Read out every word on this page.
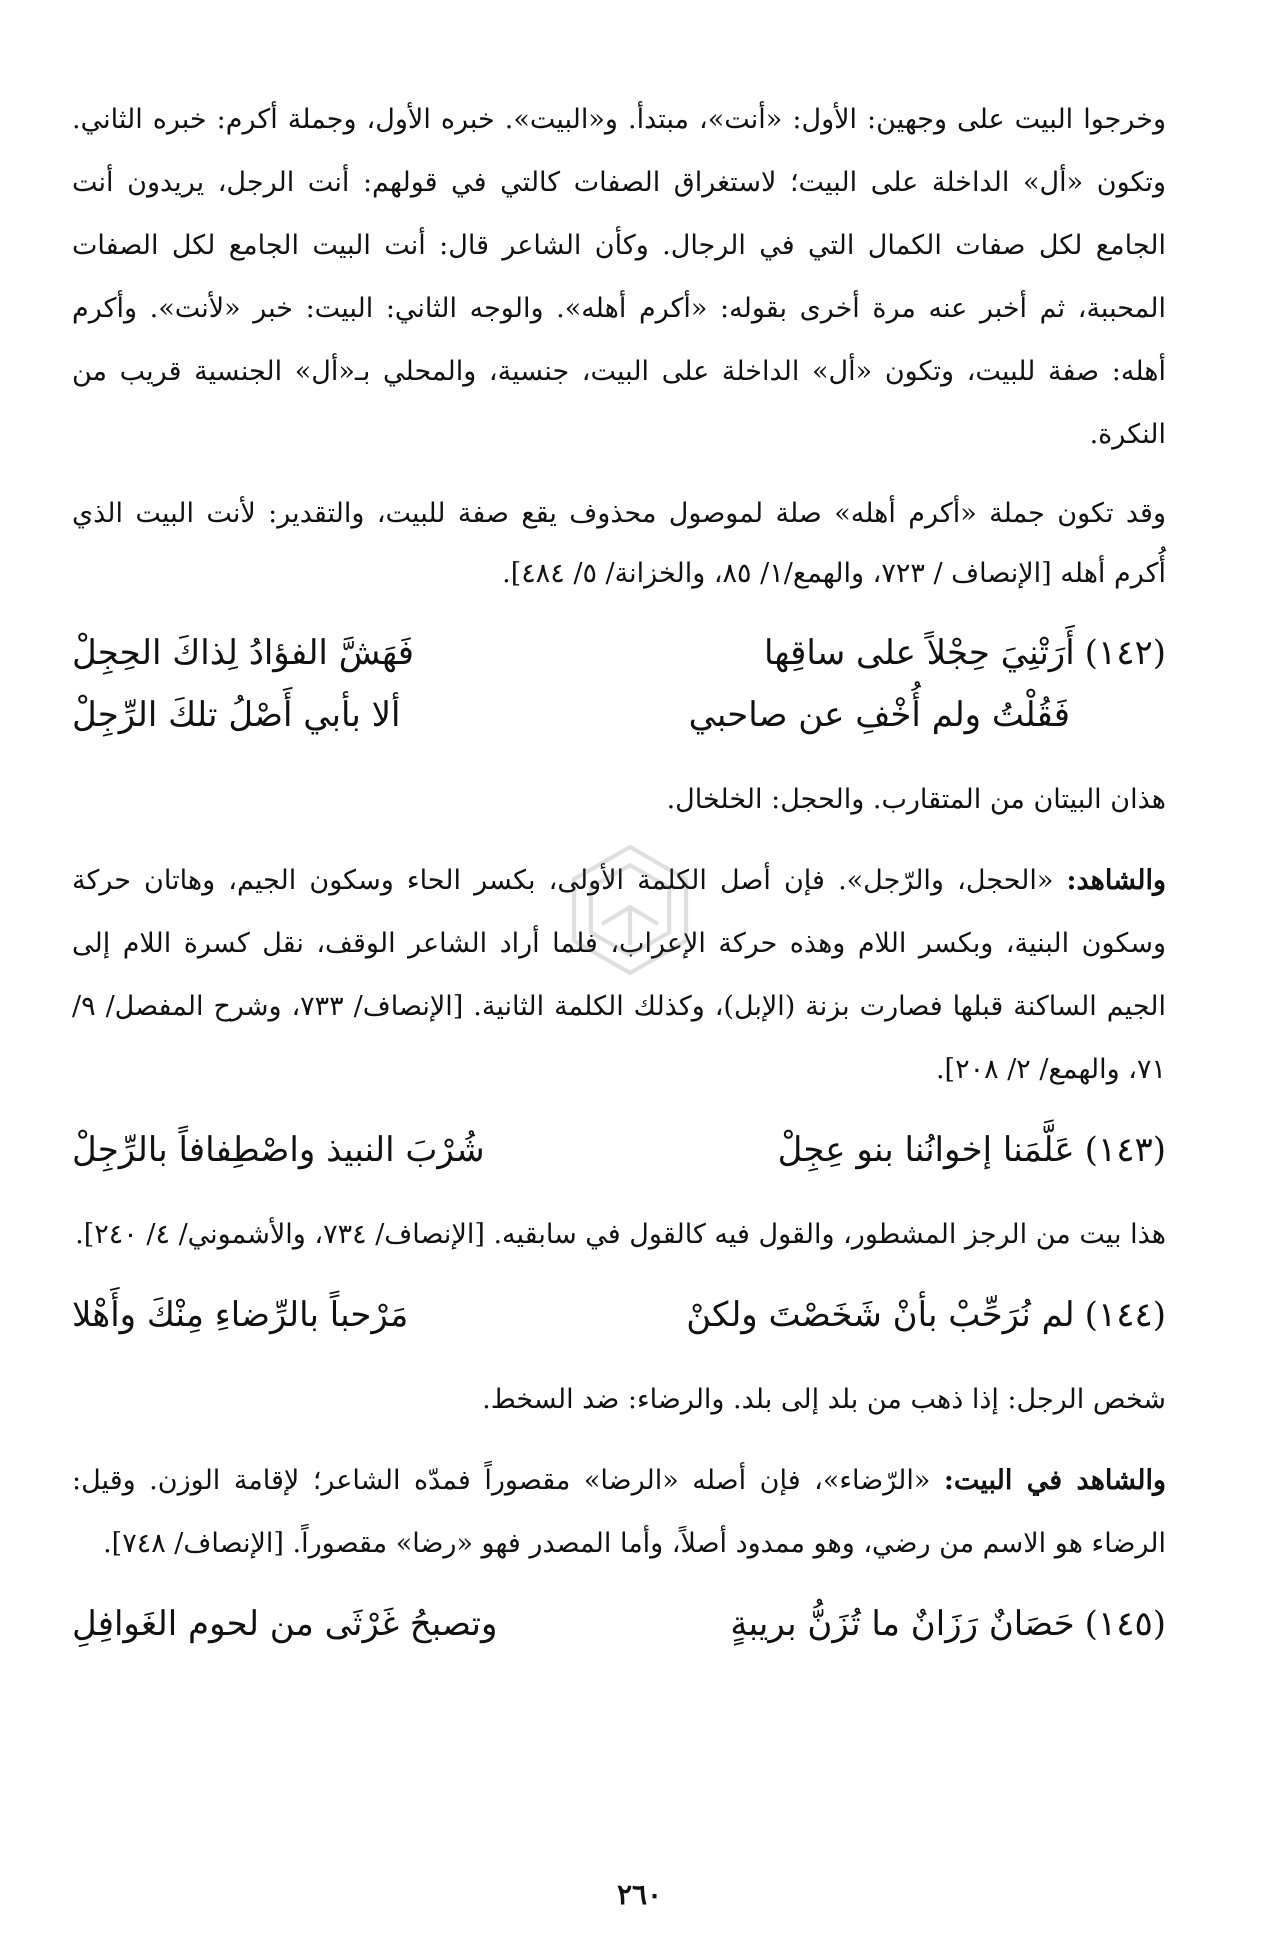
وخرجوا البيت على وجهين: الأول: «أنت»، مبتدأ. و«البيت». خبره الأول، وجملة أكرم: خبره الثاني. وتكون «أل» الداخلة على البيت؛ لاستغراق الصفات كالتي في قولهم: أنت الرجل، يريدون أنت الجامع لكل صفات الكمال التي في الرجال. وكأن الشاعر قال: أنت البيت الجامع لكل الصفات المحببة، ثم أخبر عنه مرة أخرى بقوله: «أكرم أهله». والوجه الثاني: البيت: خبر «لأنت». وأكرم أهله: صفة للبيت، وتكون «أل» الداخلة على البيت، جنسية، والمحلي بـ«أل» الجنسية قريب من النكرة.

وقد تكون جملة «أكرم أهله» صلة لموصول محذوف يقع صفة للبيت، والتقدير: لأنت البيت الذي أُكرم أهله [الإنصاف / ٧٢٣، والهمع/١/ ٨٥، والخزانة/ ٥/ ٤٨٤].

(١٤٢)
أَرَتْنِيَ حِجْلاً على ساقِها
فَهَشَّ الفؤادُ لِذاكَ الحِجِلْ
فَقُلْتُ ولم أُخْفِ عن صاحبي
ألا بأبي أَصْلُ تلكَ الرِّجِلْ

هذان البيتان من المتقارب. والحجل: الخلخال.

والشاهد: «الحجل، والرّجل». فإن أصل الكلمة الأولى، بكسر الحاء وسكون الجيم، وهاتان حركة وسكون البنية، وبكسر اللام وهذه حركة الإعراب، فلما أراد الشاعر الوقف، نقل كسرة اللام إلى الجيم الساكنة قبلها فصارت بزنة (الإبل)، وكذلك الكلمة الثانية. [الإنصاف/ ٧٣٣، وشرح المفصل/ ٩/ ٧١، والهمع/ ٢/ ٢٠٨].

(١٤٣)
عَلَّمَنا إخوانُنا بنو عِجِلْ
شُرْبَ النبيذ واصْطِفافاً بالرِّجِلْ

هذا بيت من الرجز المشطور، والقول فيه كالقول في سابقيه. [الإنصاف/ ٧٣٤، والأشموني/ ٤/ ٢٤٠].

(١٤٤)
لم نُرَحِّبْ بأنْ شَخَصْتَ ولكنْ
مَرْحباً بالرِّضاءِ مِنْكَ وأَهْلا

شخص الرجل: إذا ذهب من بلد إلى بلد. والرضاء: ضد السخط.

والشاهد في البيت: «الرّضاء»، فإن أصله «الرضا» مقصوراً فمدّه الشاعر؛ لإقامة الوزن. وقيل: الرضاء هو الاسم من رضي، وهو ممدود أصلاً، وأما المصدر فهو «رضا» مقصوراً. [الإنصاف/ ٧٤٨].

(١٤٥)
حَصَانٌ رَزَانٌ ما تُزَنُّ بريبةٍ
وتصبحُ غَرْثَى من لحوم الغَوافِلِ
٢٦٠
